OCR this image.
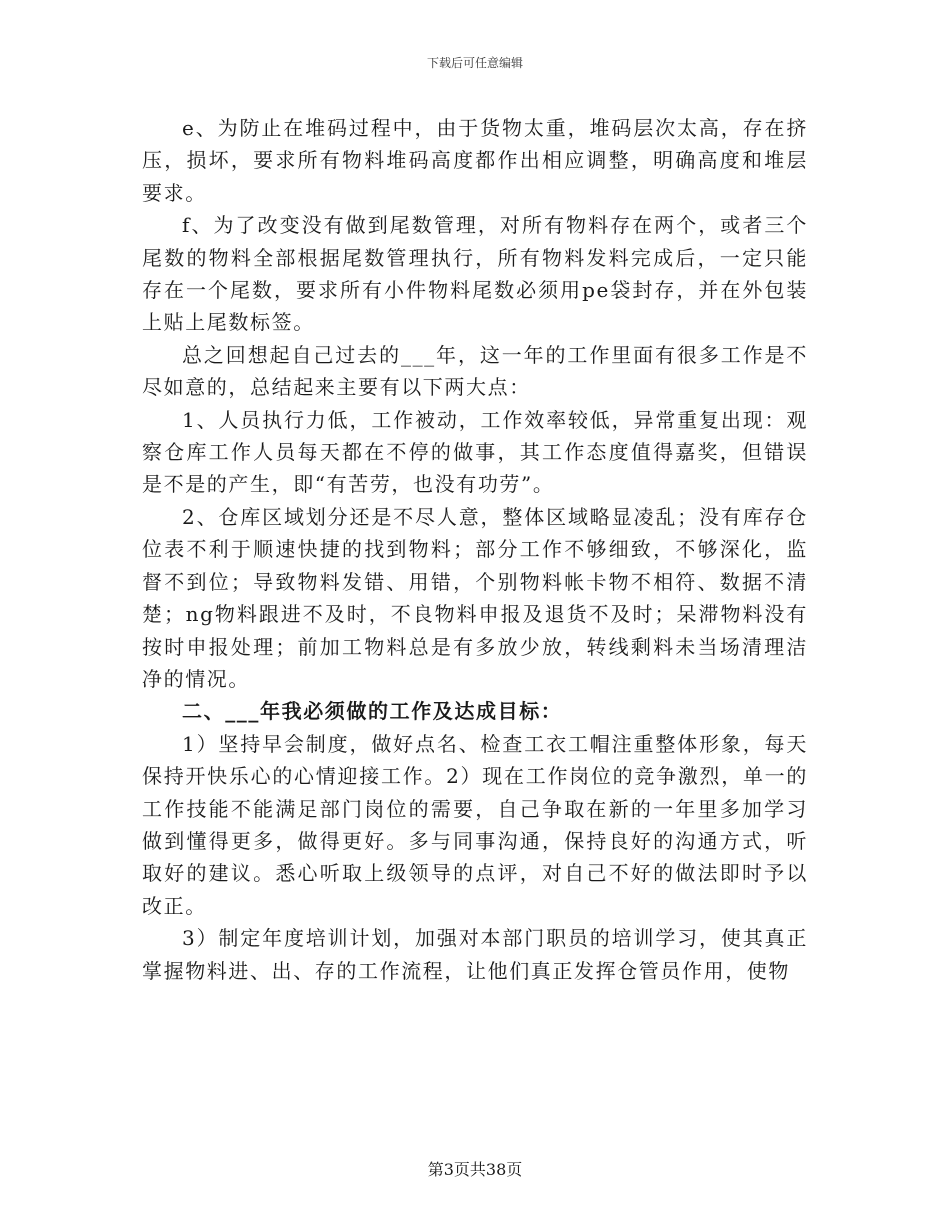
下载后可任意编辑

e、为防止在堆码过程中，由于货物太重，堆码层次太高，存在挤压，损坏，要求所有物料堆码高度都作出相应调整，明确高度和堆层要求。

f、为了改变没有做到尾数管理，对所有物料存在两个，或者三个尾数的物料全部根据尾数管理执行，所有物料发料完成后，一定只能存在一个尾数，要求所有小件物料尾数必须用pe袋封存，并在外包装上贴上尾数标签。

总之回想起自己过去的___年，这一年的工作里面有很多工作是不尽如意的，总结起来主要有以下两大点：

1、人员执行力低，工作被动，工作效率较低，异常重复出现：观察仓库工作人员每天都在不停的做事，其工作态度值得嘉奖，但错误是不是的产生，即“有苦劳，也没有功劳”。

2、仓库区域划分还是不尽人意，整体区域略显凌乱；没有库存仓位表不利于顺速快捷的找到物料；部分工作不够细致，不够深化，监督不到位；导致物料发错、用错，个别物料帐卡物不相符、数据不清楚；ng物料跟进不及时，不良物料申报及退货不及时；呆滞物料没有按时申报处理；前加工物料总是有多放少放，转线剩料未当场清理洁净的情况。

二、___年我必须做的工作及达成目标：

1）坚持早会制度，做好点名、检查工衣工帽注重整体形象，每天保持开快乐心的心情迎接工作。2）现在工作岗位的竞争激烈，单一的工作技能不能满足部门岗位的需要，自己争取在新的一年里多加学习做到懂得更多，做得更好。多与同事沟通，保持良好的沟通方式，听取好的建议。悉心听取上级领导的点评，对自己不好的做法即时予以改正。

3）制定年度培训计划，加强对本部门职员的培训学习，使其真正掌握物料进、出、存的工作流程，让他们真正发挥仓管员作用，使物

第3页共38页
